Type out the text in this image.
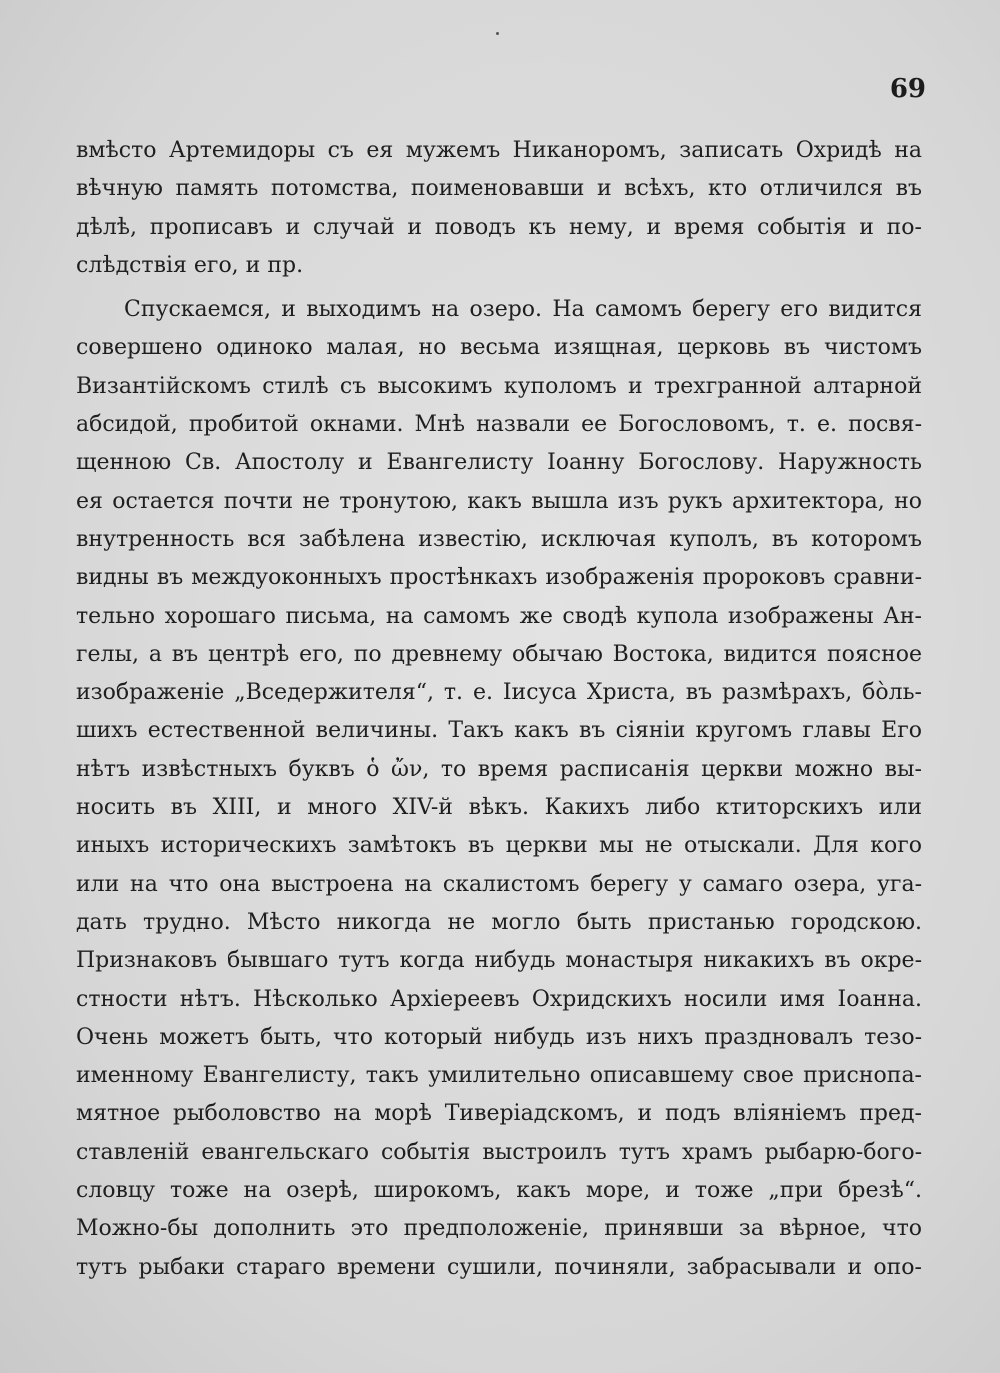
69
вмѣсто Артемидоры съ ея мужемъ Никаноромъ, записать Охридѣ на
вѣчную память потомства, поименовавши и всѣхъ, кто отличился въ
дѣлѣ, прописавъ и случай и поводъ къ нему, и время событія и по-
слѣдствія его, и пр.
Спускаемся, и выходимъ на озеро. На самомъ берегу его видится
совершено одиноко малая, но весьма изящная, церковь въ чистомъ
Византійскомъ стилѣ съ высокимъ куполомъ и трехгранной алтарной
абсидой, пробитой окнами. Мнѣ назвали ее Богословомъ, т. е. посвя-
щенною Св. Апостолу и Евангелисту Іоанну Богослову. Наружность
ея остается почти не тронутою, какъ вышла изъ рукъ архитектора, но
внутренность вся забѣлена известію, исключая куполъ, въ которомъ
видны въ междуоконныхъ простѣнкахъ изображенія пророковъ сравни-
тельно хорошаго письма, на самомъ же сводѣ купола изображены Ан-
гелы, а въ центрѣ его, по древнему обычаю Востока, видится поясное
изображеніе „Вседержителя“, т. е. Іисуса Христа, въ размѣрахъ, бо̀ль-
шихъ естественной величины. Такъ какъ въ сіяніи кругомъ главы Его
нѣтъ извѣстныхъ буквъ ὁ ὤν, то время расписанія церкви можно вы-
носить въ XIII, и много XIV-й вѣкъ. Какихъ либо ктиторскихъ или
иныхъ историческихъ замѣтокъ въ церкви мы не отыскали. Для кого
или на что она выстроена на скалистомъ берегу у самаго озера, уга-
дать трудно. Мѣсто никогда не могло быть пристанью городскою.
Признаковъ бывшаго тутъ когда нибудь монастыря никакихъ въ окре-
стности нѣтъ. Нѣсколько Архіереевъ Охридскихъ носили имя Іоанна.
Очень можетъ быть, что который нибудь изъ нихъ праздновалъ тезо-
именному Евангелисту, такъ умилительно описавшему свое приснопа-
мятное рыболовство на морѣ Тиверіадскомъ, и подъ вліяніемъ пред-
ставленій евангельскаго событія выстроилъ тутъ храмъ рыбарю-бого-
словцу тоже на озерѣ, широкомъ, какъ море, и тоже „при брезѣ“.
Можно-бы дополнить это предположеніе, принявши за вѣрное, что
тутъ рыбаки стараго времени сушили, починяли, забрасывали и опо-
